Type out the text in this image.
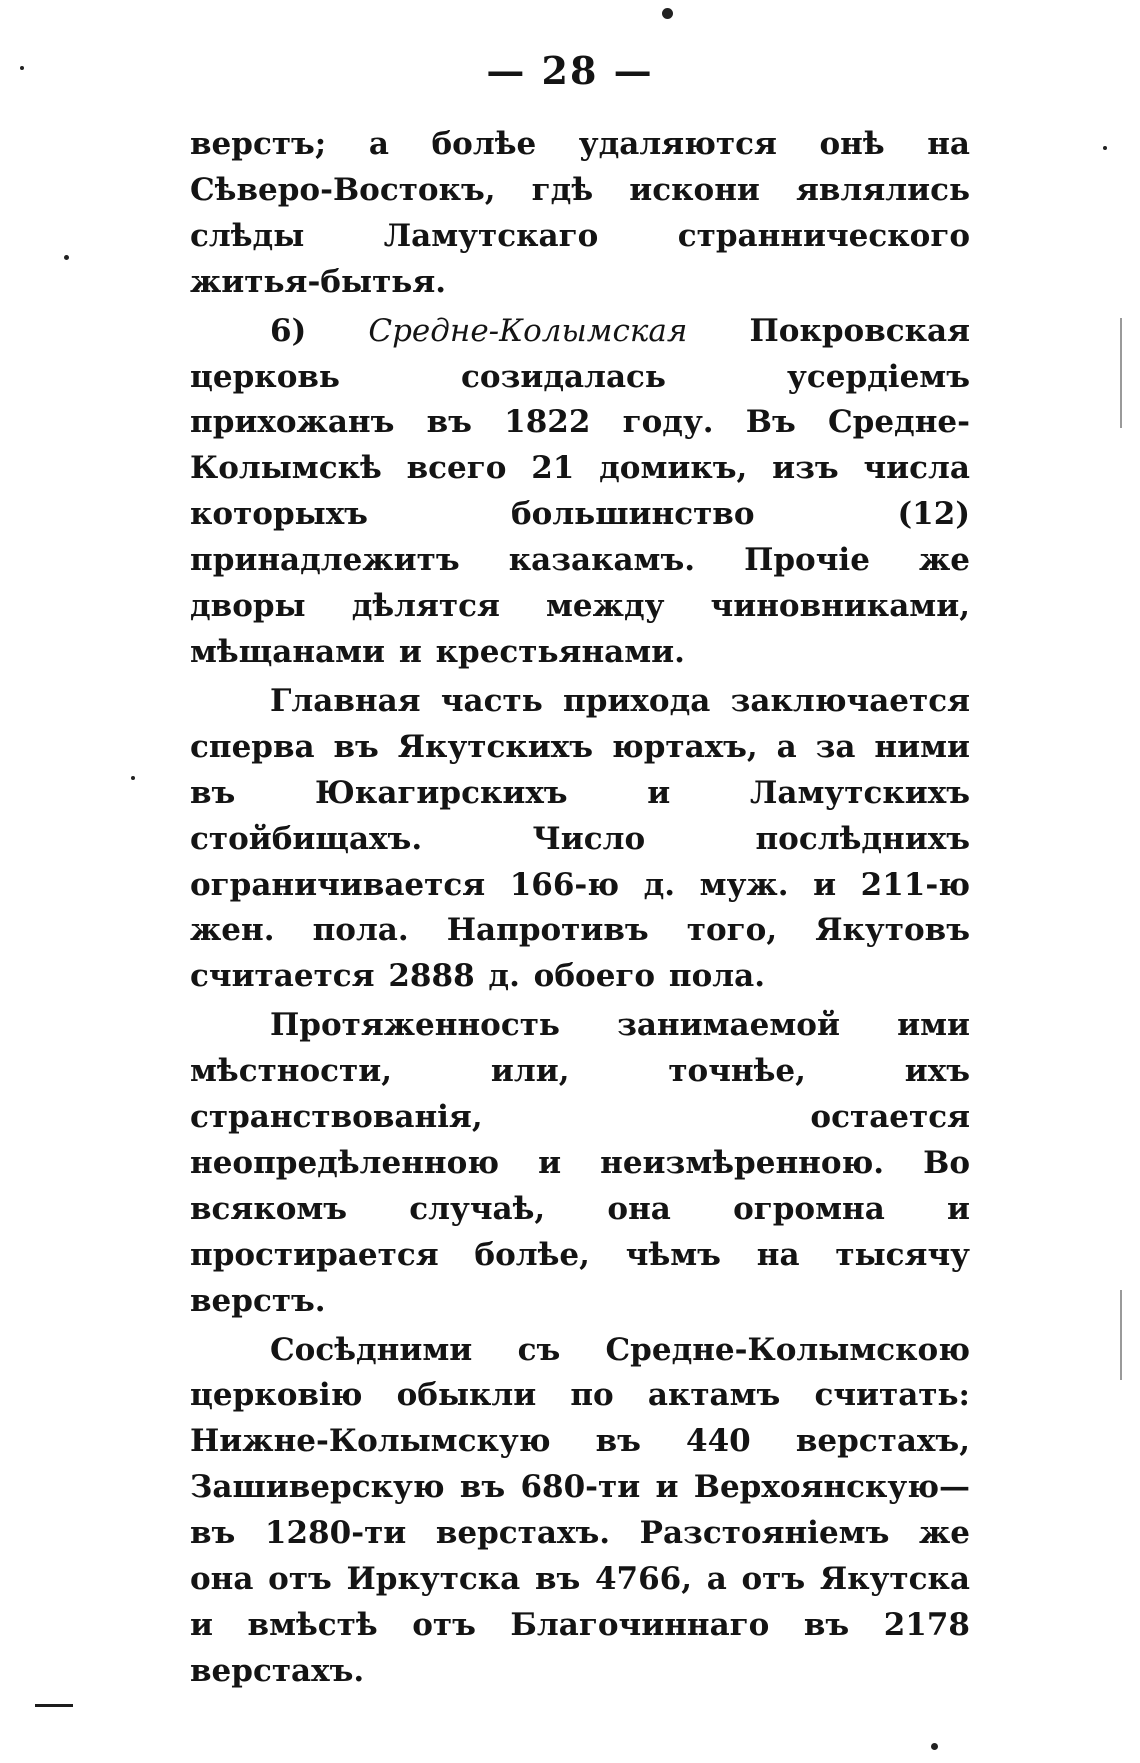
— 28 —

верстъ; а болѣе удаляются онѣ на Сѣверо-Востокъ, гдѣ искони являлись слѣды Ламутскаго страннического житья-бытья.

6) Средне-Колымская Покровская церковь созидалась усердіемъ прихожанъ въ 1822 году. Въ Средне-Колымскѣ всего 21 домикъ, изъ числа которыхъ большинство (12) принадлежитъ казакамъ. Прочіе же дворы дѣлятся между чиновниками, мѣщанами и крестьянами.

Главная часть прихода заключается сперва въ Якутскихъ юртахъ, а за ними въ Юкагирскихъ и Ламутскихъ стойбищахъ. Число послѣднихъ ограничивается 166-ю д. муж. и 211-ю жен. пола. Напротивъ того, Якутовъ считается 2888 д. обоего пола.

Протяженность занимаемой ими мѣстности, или, точнѣе, ихъ странствованія, остается неопредѣленною и неизмѣренною. Во всякомъ случаѣ, она огромна и простирается болѣе, чѣмъ на тысячу верстъ.

Сосѣдними съ Средне-Колымскою церковію обыкли по актамъ считать: Нижне-Колымскую въ 440 верстахъ, Зашиверскую въ 680-ти и Верхоянскую—въ 1280-ти верстахъ. Разстояніемъ же она отъ Иркутска въ 4766, а отъ Якутска и вмѣстѣ отъ Благочиннаго въ 2178 верстахъ.
